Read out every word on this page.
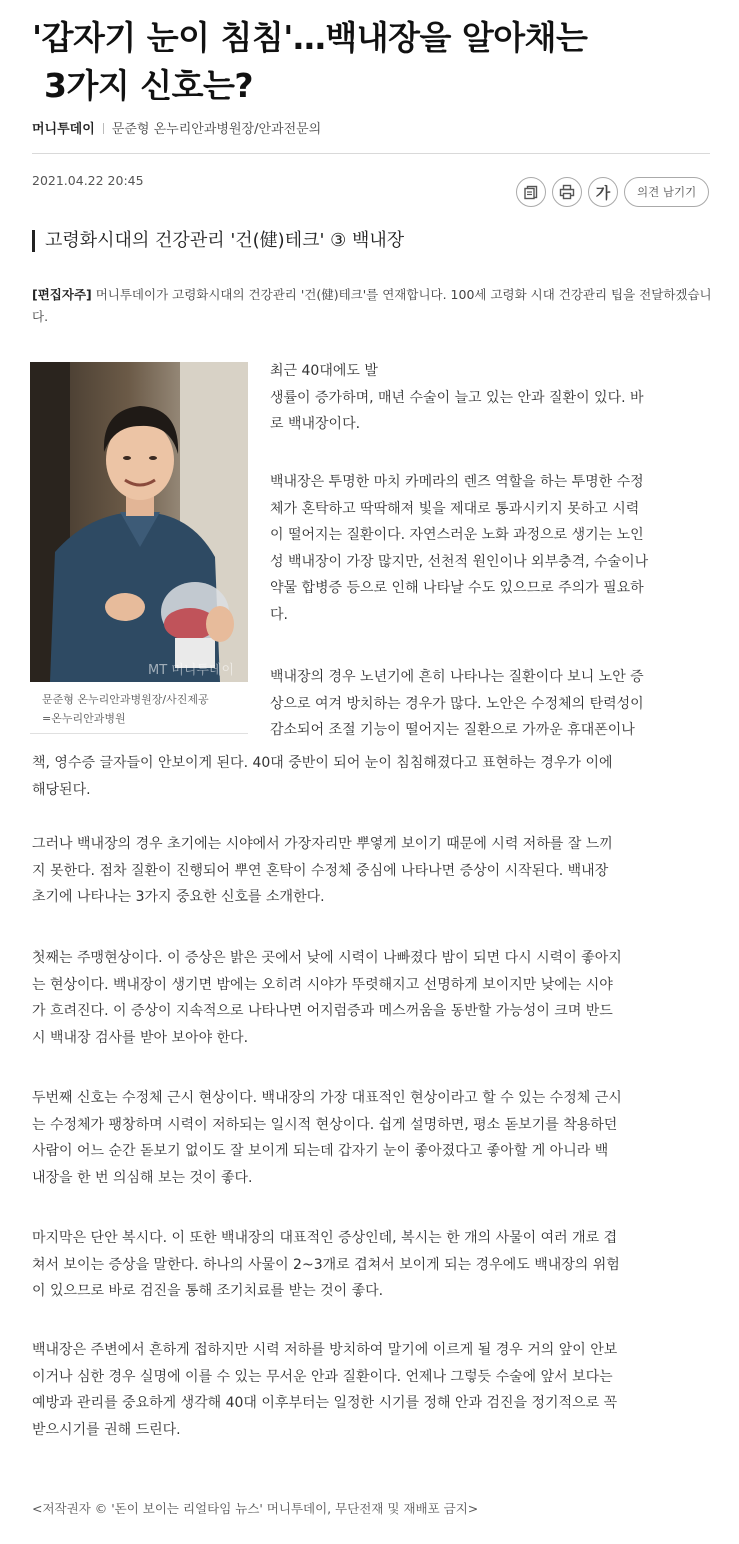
'갑자기 눈이 침침'…백내장을 알아채는
3가지 신호는?
머니투데이 문준형 온누리안과병원장/안과전문의
2021.04.22 20:45
가	의견 남기기
고령화시대의 건강관리 '건(健)테크' ③ 백내장
[편집자주] 머니투데이가 고령화시대의 건강관리 '건(健)테크'를 연재합니다. 100세 고령화 시대 건강관리 팁을 전달하겠습니다.
MT 머니투데이
문준형 온누리안과병원장/사진제공
=온누리안과병원

최근 40대에도 발
생률이 증가하며, 매년 수술이 늘고 있는 안과 질환이 있다. 바
로 백내장이다.

백내장은 투명한 마치 카메라의 렌즈 역할을 하는 투명한 수정
체가 혼탁하고 딱딱해져 빛을 제대로 통과시키지 못하고 시력
이 떨어지는 질환이다. 자연스러운 노화 과정으로 생기는 노인
성 백내장이 가장 많지만, 선천적 원인이나 외부충격, 수술이나
약물 합병증 등으로 인해 나타날 수도 있으므로 주의가 필요하
다.

백내장의 경우 노년기에 흔히 나타나는 질환이다 보니 노안 증
상으로 여겨 방치하는 경우가 많다. 노안은 수정체의 탄력성이
감소되어 조절 기능이 떨어지는 질환으로 가까운 휴대폰이나

책, 영수증 글자들이 안보이게 된다. 40대 중반이 되어 눈이 침침해졌다고 표현하는 경우가 이에
해당된다.

그러나 백내장의 경우 초기에는 시야에서 가장자리만 뿌옇게 보이기 때문에 시력 저하를 잘 느끼
지 못한다. 점차 질환이 진행되어 뿌연 혼탁이 수정체 중심에 나타나면 증상이 시작된다. 백내장
초기에 나타나는 3가지 중요한 신호를 소개한다.

첫째는 주맹현상이다. 이 증상은 밝은 곳에서 낮에 시력이 나빠졌다 밤이 되면 다시 시력이 좋아지
는 현상이다. 백내장이 생기면 밤에는 오히려 시야가 뚜렷해지고 선명하게 보이지만 낮에는 시야
가 흐려진다. 이 증상이 지속적으로 나타나면 어지럼증과 메스꺼움을 동반할 가능성이 크며 반드
시 백내장 검사를 받아 보아야 한다.

두번째 신호는 수정체 근시 현상이다. 백내장의 가장 대표적인 현상이라고 할 수 있는 수정체 근시
는 수정체가 팽창하며 시력이 저하되는 일시적 현상이다. 쉽게 설명하면, 평소 돋보기를 착용하던
사람이 어느 순간 돋보기 없이도 잘 보이게 되는데 갑자기 눈이 좋아졌다고 좋아할 게 아니라 백
내장을 한 번 의심해 보는 것이 좋다.

마지막은 단안 복시다. 이 또한 백내장의 대표적인 증상인데, 복시는 한 개의 사물이 여러 개로 겹
쳐서 보이는 증상을 말한다. 하나의 사물이 2~3개로 겹쳐서 보이게 되는 경우에도 백내장의 위험
이 있으므로 바로 검진을 통해 조기치료를 받는 것이 좋다.

백내장은 주변에서 흔하게 접하지만 시력 저하를 방치하여 말기에 이르게 될 경우 거의 앞이 안보
이거나 심한 경우 실명에 이를 수 있는 무서운 안과 질환이다. 언제나 그렇듯 수술에 앞서 보다는
예방과 관리를 중요하게 생각해 40대 이후부터는 일정한 시기를 정해 안과 검진을 정기적으로 꼭
받으시기를 권해 드린다.

<저작권자 © '돈이 보이는 리얼타임 뉴스' 머니투데이, 무단전재 및 재배포 금지>
